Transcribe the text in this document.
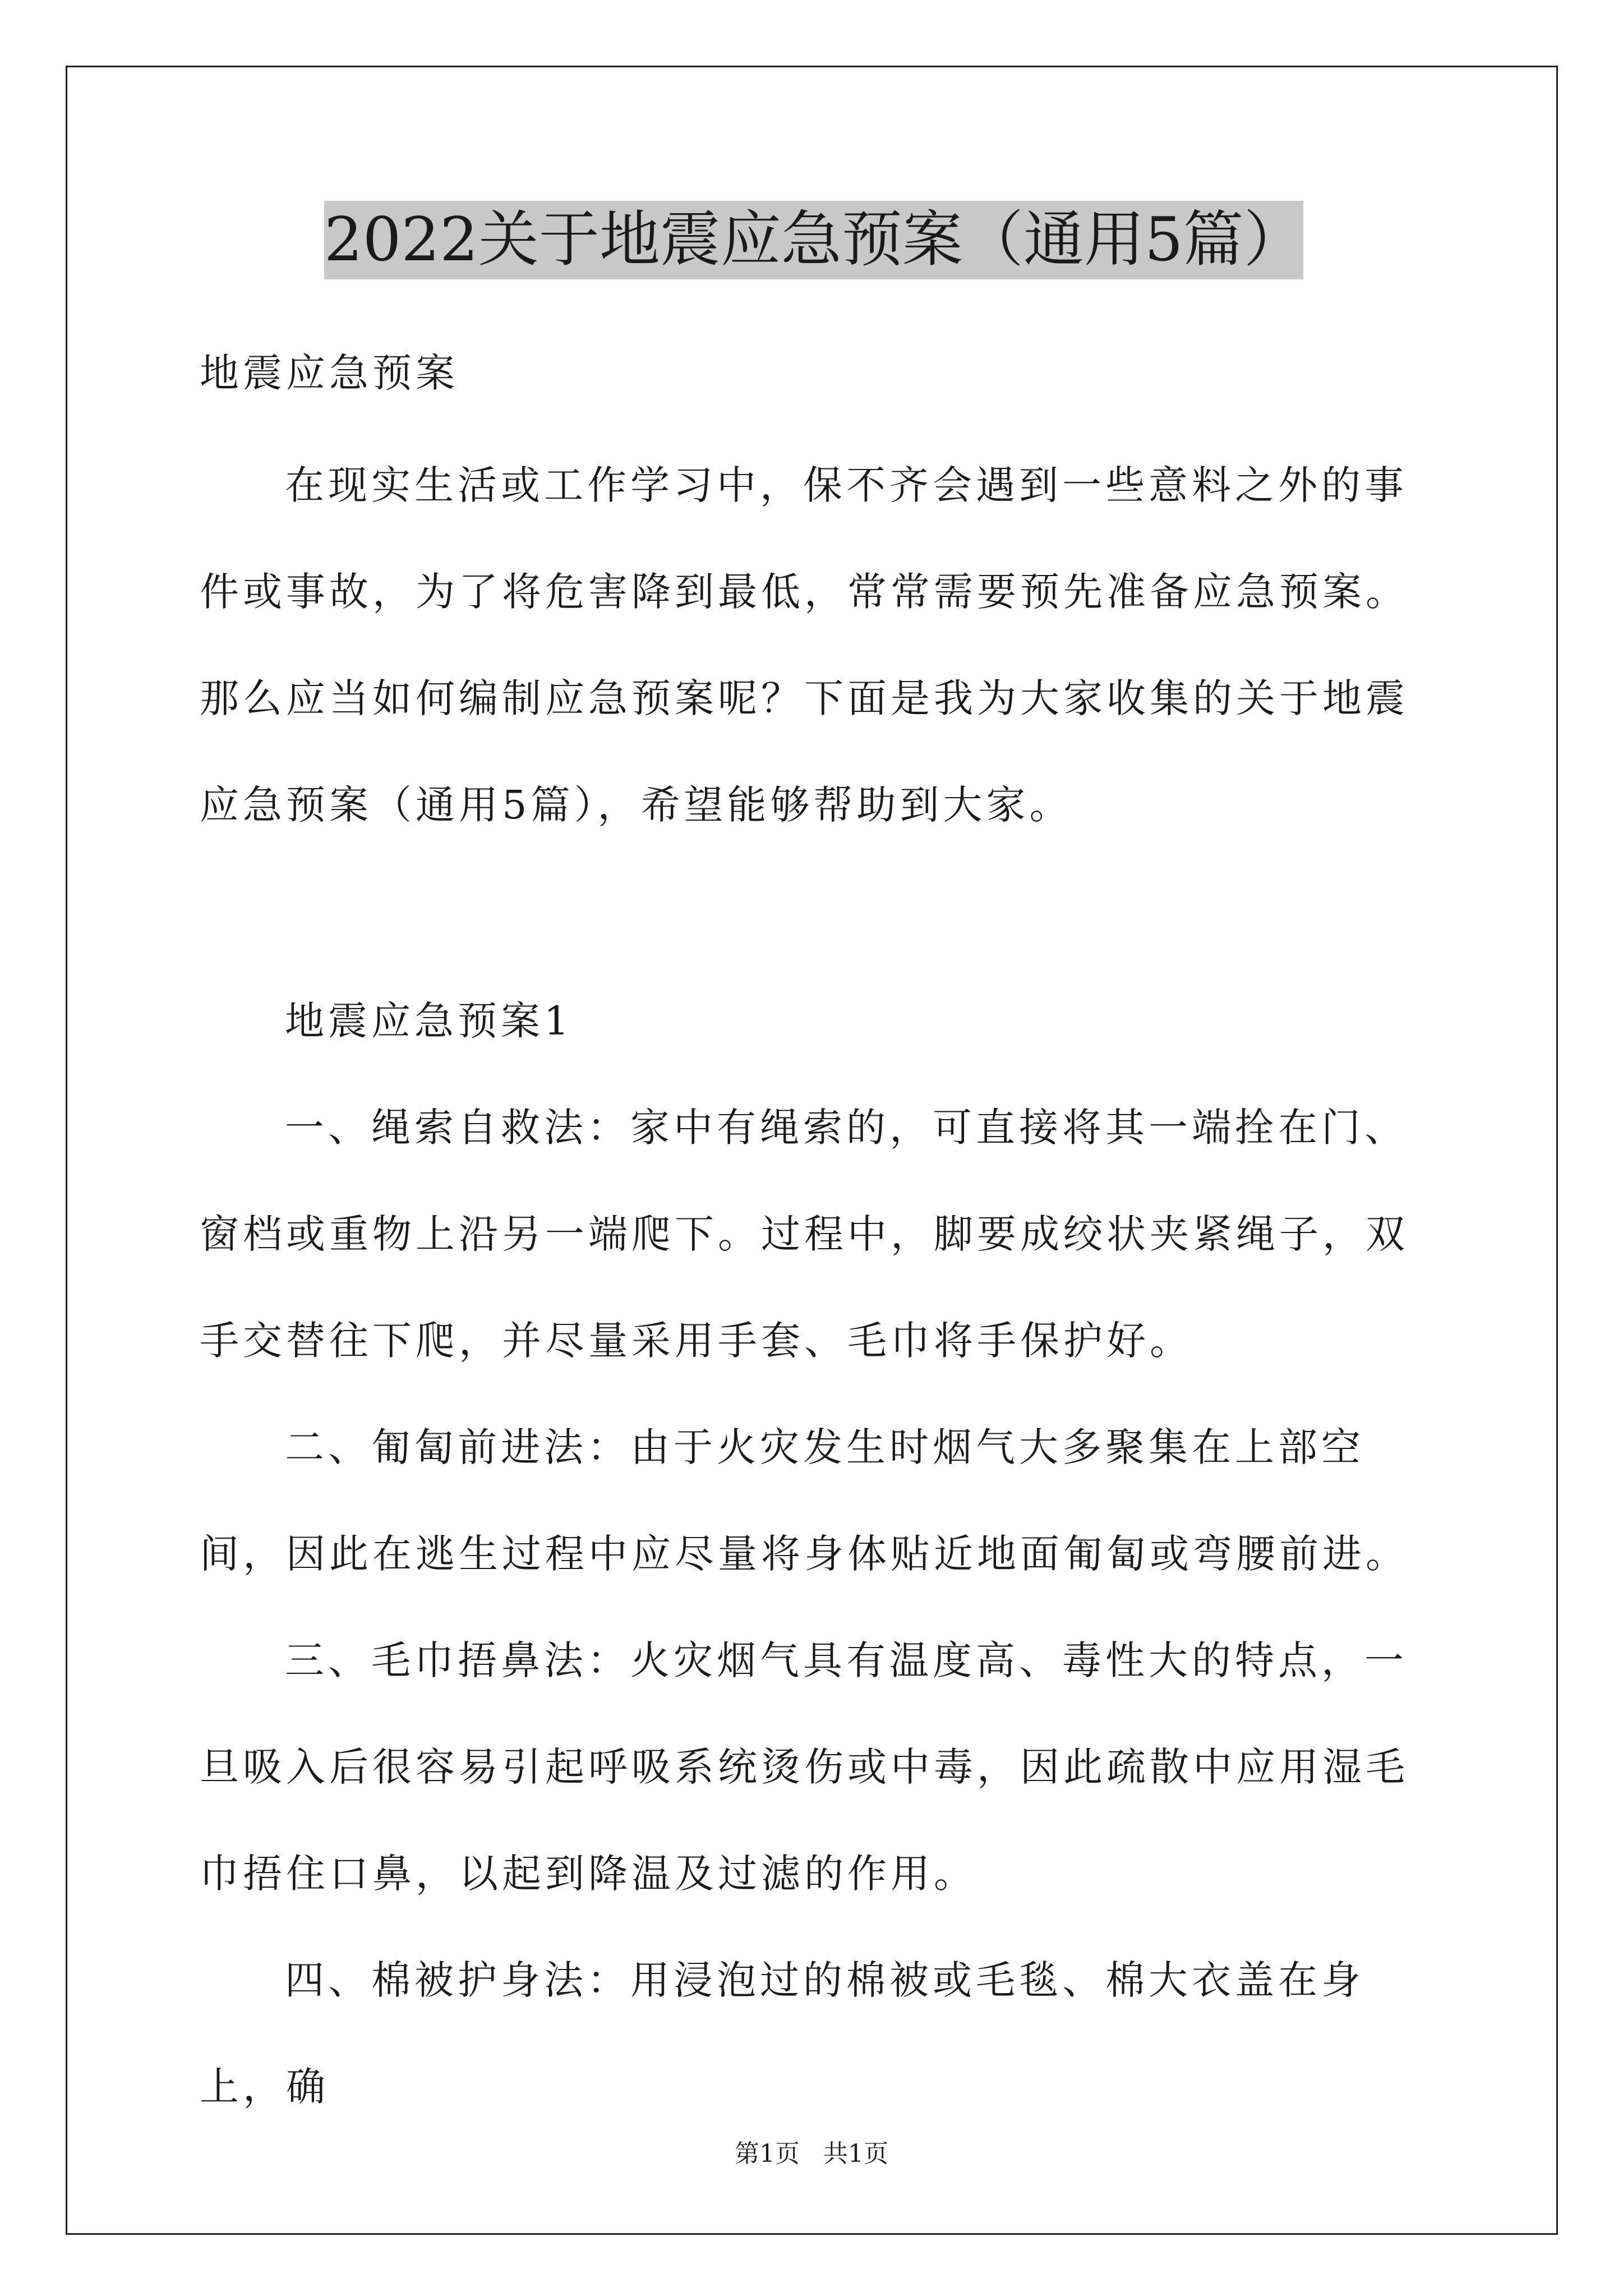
2022关于地震应急预案（通用5篇）

地震应急预案

在现实生活或工作学习中，保不齐会遇到一些意料之外的事件或事故，为了将危害降到最低，常常需要预先准备应急预案。那么应当如何编制应急预案呢？下面是我为大家收集的关于地震应急预案（通用5篇），希望能够帮助到大家。

地震应急预案1

一、绳索自救法：家中有绳索的，可直接将其一端拴在门、窗档或重物上沿另一端爬下。过程中，脚要成绞状夹紧绳子，双手交替往下爬，并尽量采用手套、毛巾将手保护好。

二、匍匐前进法：由于火灾发生时烟气大多聚集在上部空间，因此在逃生过程中应尽量将身体贴近地面匍匐或弯腰前进。

三、毛巾捂鼻法：火灾烟气具有温度高、毒性大的特点，一旦吸入后很容易引起呼吸系统烫伤或中毒，因此疏散中应用湿毛巾捂住口鼻，以起到降温及过滤的作用。

四、棉被护身法：用浸泡过的棉被或毛毯、棉大衣盖在身上，确

第1页   共1页
